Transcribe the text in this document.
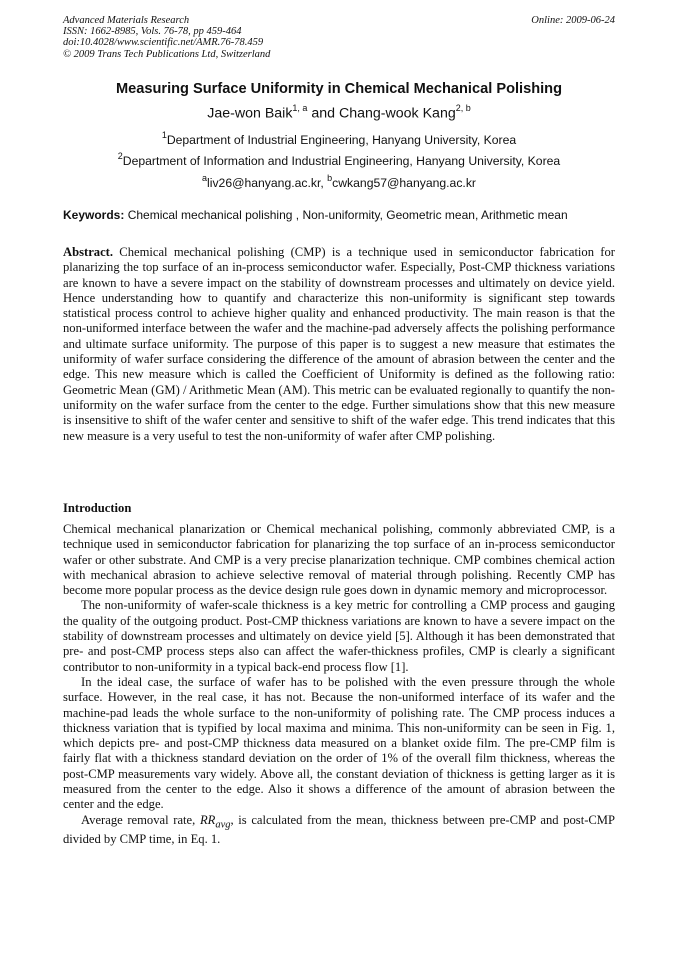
Advanced Materials Research
ISSN: 1662-8985, Vols. 76-78, pp 459-464
doi:10.4028/www.scientific.net/AMR.76-78.459
© 2009 Trans Tech Publications Ltd, Switzerland
Online: 2009-06-24
Measuring Surface Uniformity in Chemical Mechanical Polishing
Jae-won Baik$^{1, a}$ and Chang-wook Kang$^{2, b}$
$^1$Department of Industrial Engineering, Hanyang University, Korea
$^2$Department of Information and Industrial Engineering, Hanyang University, Korea
$^a$liv26@hanyang.ac.kr, $^b$cwkang57@hanyang.ac.kr
Keywords: Chemical mechanical polishing , Non-uniformity, Geometric mean, Arithmetic mean
Abstract. Chemical mechanical polishing (CMP) is a technique used in semiconductor fabrication for planarizing the top surface of an in-process semiconductor wafer. Especially, Post-CMP thickness variations are known to have a severe impact on the stability of downstream processes and ultimately on device yield. Hence understanding how to quantify and characterize this non-uniformity is significant step towards statistical process control to achieve higher quality and enhanced productivity. The main reason is that the non-uniformed interface between the wafer and the machine-pad adversely affects the polishing performance and ultimate surface uniformity. The purpose of this paper is to suggest a new measure that estimates the uniformity of wafer surface considering the difference of the amount of abrasion between the center and the edge. This new measure which is called the Coefficient of Uniformity is defined as the following ratio: Geometric Mean (GM) / Arithmetic Mean (AM). This metric can be evaluated regionally to quantify the non-uniformity on the wafer surface from the center to the edge. Further simulations show that this new measure is insensitive to shift of the wafer center and sensitive to shift of the wafer edge. This trend indicates that this new measure is a very useful to test the non-uniformity of wafer after CMP polishing.
Introduction

Chemical mechanical planarization or Chemical mechanical polishing, commonly abbreviated CMP, is a technique used in semiconductor fabrication for planarizing the top surface of an in-process semiconductor wafer or other substrate. And CMP is a very precise planarization technique. CMP combines chemical action with mechanical abrasion to achieve selective removal of material through polishing. Recently CMP has become more popular process as the device design rule goes down in dynamic memory and microprocessor.

The non-uniformity of wafer-scale thickness is a key metric for controlling a CMP process and gauging the quality of the outgoing product. Post-CMP thickness variations are known to have a severe impact on the stability of downstream processes and ultimately on device yield [5]. Although it has been demonstrated that pre- and post-CMP process steps also can affect the wafer-thickness profiles, CMP is clearly a significant contributor to non-uniformity in a typical back-end process flow [1].

In the ideal case, the surface of wafer has to be polished with the even pressure through the whole surface. However, in the real case, it has not. Because the non-uniformed interface of its wafer and the machine-pad leads the whole surface to the non-uniformity of polishing rate. The CMP process induces a thickness variation that is typified by local maxima and minima. This non-uniformity can be seen in Fig. 1, which depicts pre- and post-CMP thickness data measured on a blanket oxide film. The pre-CMP film is fairly flat with a thickness standard deviation on the order of 1% of the overall film thickness, whereas the post-CMP measurements vary widely. Above all, the constant deviation of thickness is getting larger as it is measured from the center to the edge. Also it shows a difference of the amount of abrasion between the center and the edge.

Average removal rate, $RR_{avg}$, is calculated from the mean, thickness between pre-CMP and post-CMP divided by CMP time, in Eq. 1.
